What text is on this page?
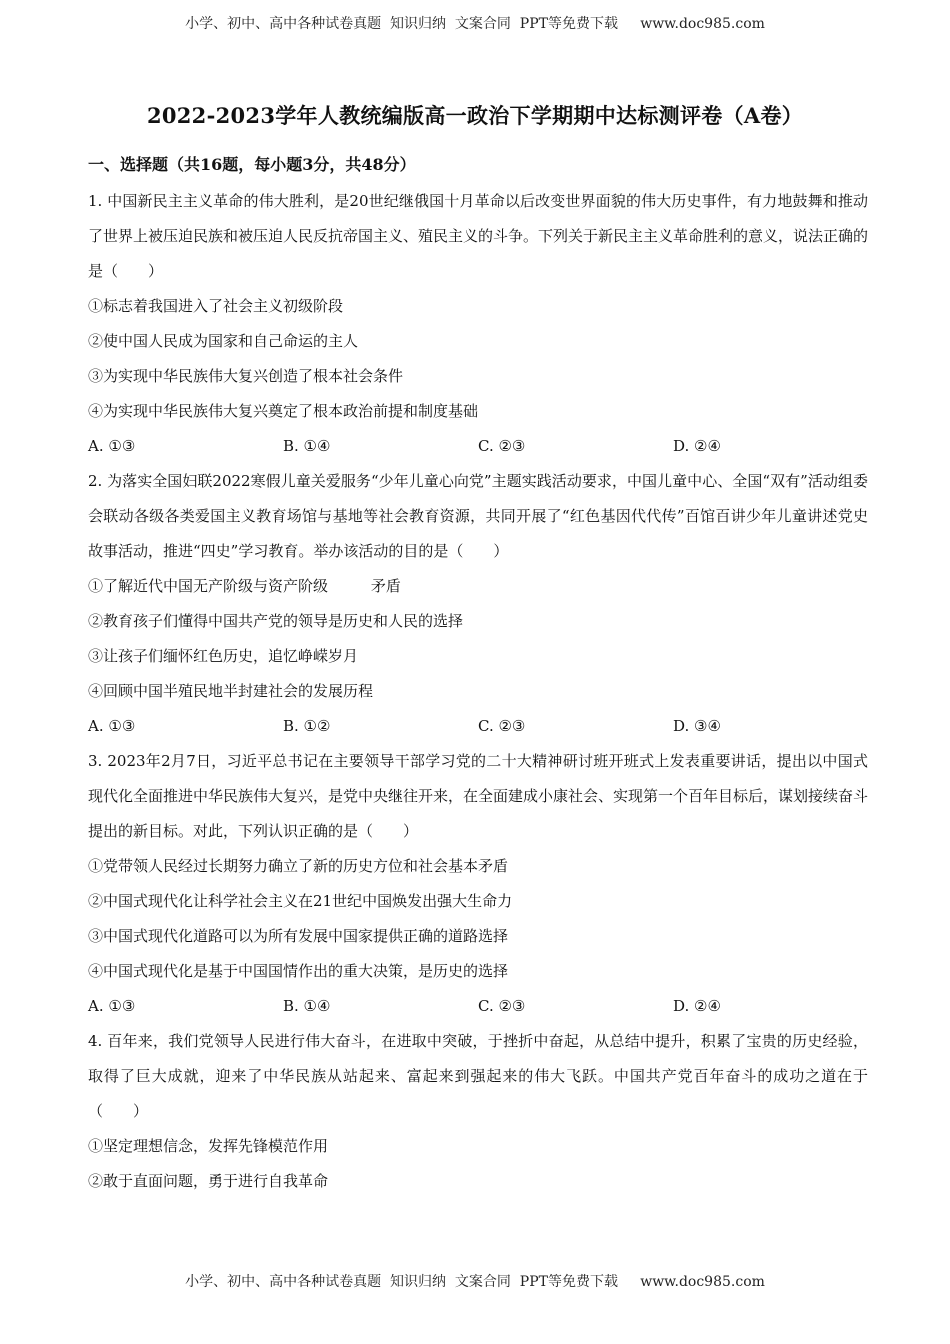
小学、初中、高中各种试卷真题  知识归纳  文案合同  PPT等免费下载     www.doc985.com
2022-2023学年人教统编版高一政治下学期期中达标测评卷（A卷）
一、选择题（共16题，每小题3分，共48分）

1. 中国新民主主义革命的伟大胜利，是20世纪继俄国十月革命以后改变世界面貌的伟大历史事件，有力地鼓舞和推动了世界上被压迫民族和被压迫人民反抗帝国主义、殖民主义的斗争。下列关于新民主主义革命胜利的意义，说法正确的是（　　）

①标志着我国进入了社会主义初级阶段

②使中国人民成为国家和自己命运的主人

③为实现中华民族伟大复兴创造了根本社会条件

④为实现中华民族伟大复兴奠定了根本政治前提和制度基础

A. ①③	B. ①④	C. ②③	D. ②④

2. 为落实全国妇联2022寒假儿童关爱服务“少年儿童心向党”主题实践活动要求，中国儿童中心、全国“双有”活动组委会联动各级各类爱国主义教育场馆与基地等社会教育资源，共同开展了“红色基因代代传”百馆百讲少年儿童讲述党史故事活动，推进“四史”学习教育。举办该活动的目的是（　　）

①了解近代中国无产阶级与资产阶级         矛盾

②教育孩子们懂得中国共产党的领导是历史和人民的选择

③让孩子们缅怀红色历史，追忆峥嵘岁月

④回顾中国半殖民地半封建社会的发展历程

A. ①③	B. ①②	C. ②③	D. ③④

3. 2023年2月7日，习近平总书记在主要领导干部学习党的二十大精神研讨班开班式上发表重要讲话，提出以中国式现代化全面推进中华民族伟大复兴，是党中央继往开来，在全面建成小康社会、实现第一个百年目标后，谋划接续奋斗提出的新目标。对此，下列认识正确的是（　　）

①党带领人民经过长期努力确立了新的历史方位和社会基本矛盾

②中国式现代化让科学社会主义在21世纪中国焕发出强大生命力

③中国式现代化道路可以为所有发展中国家提供正确的道路选择

④中国式现代化是基于中国国情作出的重大决策，是历史的选择

A. ①③	B. ①④	C. ②③	D. ②④

4. 百年来，我们党领导人民进行伟大奋斗，在进取中突破，于挫折中奋起，从总结中提升，积累了宝贵的历史经验，取得了巨大成就，迎来了中华民族从站起来、富起来到强起来的伟大飞跃。中国共产党百年奋斗的成功之道在于（　　）

①坚定理想信念，发挥先锋模范作用

②敢于直面问题，勇于进行自我革命

小学、初中、高中各种试卷真题  知识归纳  文案合同  PPT等免费下载     www.doc985.com
